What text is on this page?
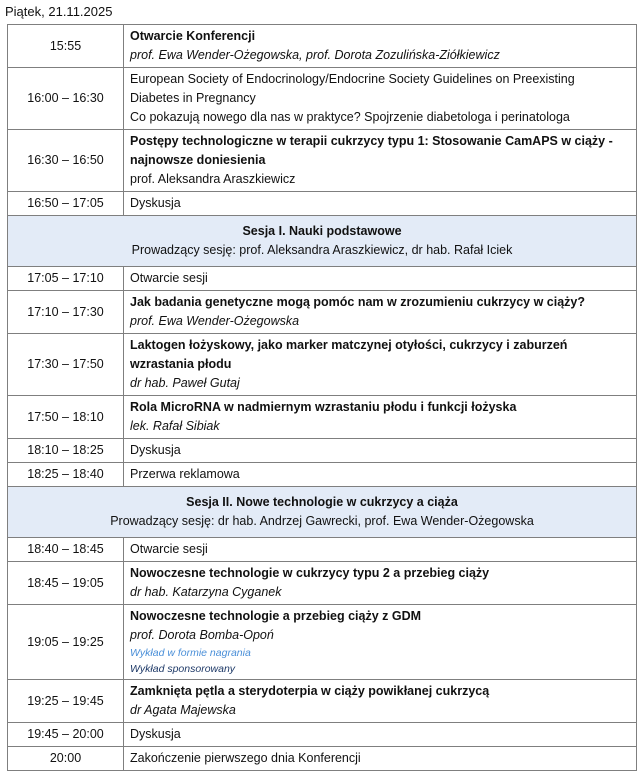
Piątek, 21.11.2025
15:55	Otwarcie Konferencji
prof. Ewa Wender-Ożegowska, prof. Dorota Zozulińska-Ziółkiewicz

16:00 – 16:30	European Society of Endocrinology/Endocrine Society Guidelines on Preexisting
Diabetes in Pregnancy
Co pokazują nowego dla nas w praktyce? Spojrzenie diabetologa i perinatologa

16:30 – 16:50	Postępy technologiczne w terapii cukrzycy typu 1: Stosowanie CamAPS w ciąży -
najnowsze doniesienia
prof. Aleksandra Araszkiewicz

16:50 – 17:05	Dyskusja

Sesja I. Nauki podstawowe
Prowadzący sesję: prof. Aleksandra Araszkiewicz, dr hab. Rafał Iciek	

17:05 – 17:10	Otwarcie sesji

17:10 – 17:30	Jak badania genetyczne mogą pomóc nam w zrozumieniu cukrzycy w ciąży?
prof. Ewa Wender-Ożegowska

17:30 – 17:50	Laktogen łożyskowy, jako marker matczynej otyłości, cukrzycy i zaburzeń
wzrastania płodu
dr hab. Paweł Gutaj

17:50 – 18:10	Rola MicroRNA w nadmiernym wzrastaniu płodu i funkcji łożyska
lek. Rafał Sibiak

18:10 – 18:25	Dyskusja

18:25 – 18:40	Przerwa reklamowa

Sesja II. Nowe technologie w cukrzycy a ciąża
Prowadzący sesję: dr hab. Andrzej Gawrecki, prof. Ewa Wender-Ożegowska	

18:40 – 18:45	Otwarcie sesji

18:45 – 19:05	Nowoczesne technologie w cukrzycy typu 2 a przebieg ciąży
dr hab. Katarzyna Cyganek

19:05 – 19:25	Nowoczesne technologie a przebieg ciąży z GDM
prof. Dorota Bomba-Opoń
Wykład w formie nagrania
Wykład sponsorowany

19:25 – 19:45	Zamknięta pętla a sterydoterpia w ciąży powikłanej cukrzycą
dr Agata Majewska

19:45 – 20:00	Dyskusja

20:00	Zakończenie pierwszego dnia Konferencji
